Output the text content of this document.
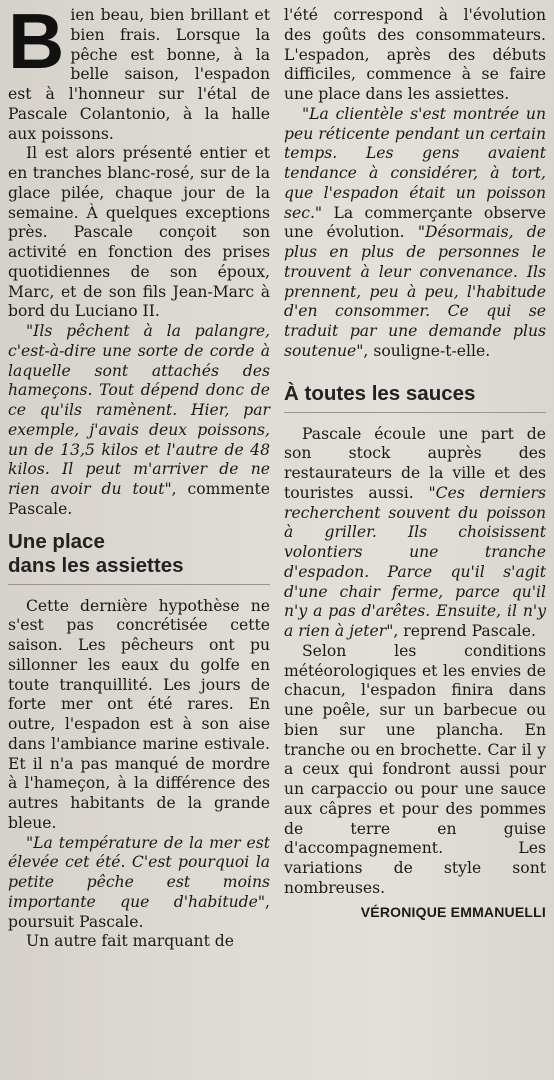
Bien beau, bien brillant et bien frais. Lorsque la pêche est bonne, à la belle saison, l'espadon est à l'honneur sur l'étal de Pascale Colantonio, à la halle aux poissons.

Il est alors présenté entier et en tranches blanc-rosé, sur de la glace pilée, chaque jour de la semaine. À quelques exceptions près. Pascale conçoit son activité en fonction des prises quotidiennes de son époux, Marc, et de son fils Jean-Marc à bord du Luciano II.

"Ils pêchent à la palangre, c'est-à-dire une sorte de corde à laquelle sont attachés des hameçons. Tout dépend donc de ce qu'ils ramènent. Hier, par exemple, j'avais deux poissons, un de 13,5 kilos et l'autre de 48 kilos. Il peut m'arriver de ne rien avoir du tout", commente Pascale.

Une place
dans les assiettes

Cette dernière hypothèse ne s'est pas concrétisée cette saison. Les pêcheurs ont pu sillonner les eaux du golfe en toute tranquillité. Les jours de forte mer ont été rares. En outre, l'espadon est à son aise dans l'ambiance marine estivale. Et il n'a pas manqué de mordre à l'hameçon, à la différence des autres habitants de la grande bleue.

"La température de la mer est élevée cet été. C'est pourquoi la petite pêche est moins importante que d'habitude", poursuit Pascale.

Un autre fait marquant de

l'été correspond à l'évolution des goûts des consommateurs. L'espadon, après des débuts difficiles, commence à se faire une place dans les assiettes.

"La clientèle s'est montrée un peu réticente pendant un certain temps. Les gens avaient tendance à considérer, à tort, que l'espadon était un poisson sec." La commerçante observe une évolution. "Désormais, de plus en plus de personnes le trouvent à leur convenance. Ils prennent, peu à peu, l'habitude d'en consommer. Ce qui se traduit par une demande plus soutenue", souligne-t-elle.

À toutes les sauces

Pascale écoule une part de son stock auprès des restaurateurs de la ville et des touristes aussi. "Ces derniers recherchent souvent du poisson à griller. Ils choisissent volontiers une tranche d'espadon. Parce qu'il s'agit d'une chair ferme, parce qu'il n'y a pas d'arêtes. Ensuite, il n'y a rien à jeter", reprend Pascale.

Selon les conditions météorologiques et les envies de chacun, l'espadon finira dans une poêle, sur un barbecue ou bien sur une plancha. En tranche ou en brochette. Car il y a ceux qui fondront aussi pour un carpaccio ou pour une sauce aux câpres et pour des pommes de terre en guise d'accompagnement. Les variations de style sont nombreuses.

VÉRONIQUE EMMANUELLI
